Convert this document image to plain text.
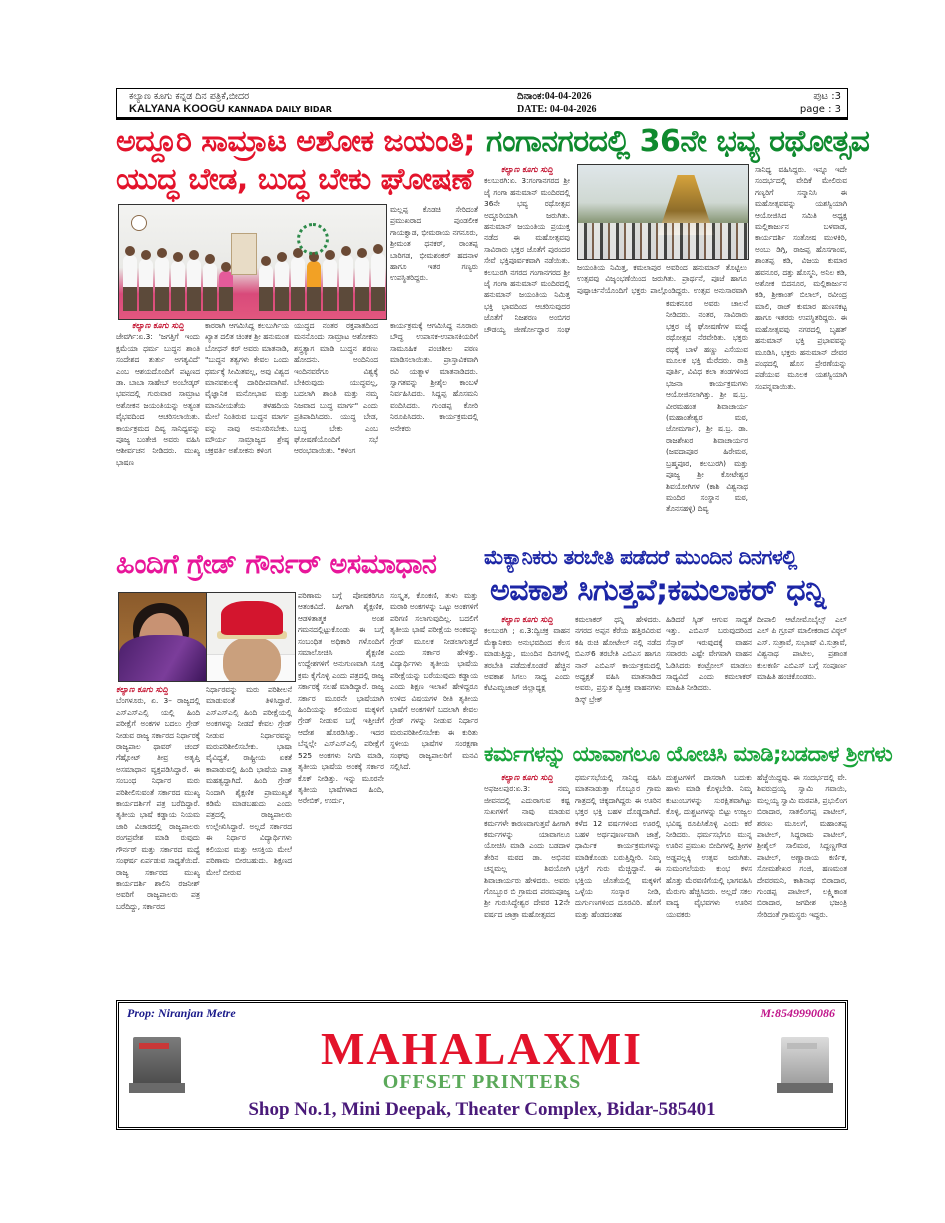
ಕಲ್ಯಾಣ ಕೂಗು ಕನ್ನಡ ದಿನ ಪತ್ರಿಕೆ,ಬೀದರ
KALYANA KOOGU KANNADA DAILY BIDAR
ದಿನಾಂಕ:04-04-2026
DATE: 04-04-2026
ಪುಟ :3
page : 3
ಅದ್ದೂರಿ ಸಾಮ್ರಾಟ ಅಶೋಕ ಜಯಂತಿ;
ಯುದ್ಧ ಬೇಡ, ಬುದ್ಧ ಬೇಕು ಘೋಷಣೆ
ಮಲ್ಲಪ್ಪ ಕೊಡಚಿ ಸೇರಿದಂತೆ ಪ್ರಮುಖರಾದ ಪುಂಡಲೀಕ ಗಾಯಕ್ವಾಡ, ಭೀಮರಾಯ ನಗನೂರು, ಶ್ರೀಮಂತ ಧನಕರ್, ರಾಂತಪ್ಪ ಬಾರಿಗಡ, ಭೀಮಶಂಕರ್ ಹದನಾಳ ಹಾಗೂ ಇತರ ಗಣ್ಯರು ಉಪಸ್ಥಿತರಿದ್ದರು.
ಕಲ್ಯಾಣ ಕೂಗು ಸುದ್ದಿ
ಜೇವರ್ಗಿ:ಏ.3: 'ಜಗತ್ತಿಗೆ ಇಂದು ಕ್ಷಮೆಯಾ ಧರ್ಮ ಬುದ್ಧನ ಶಾಂತಿ ಸಂದೇಶದ ತುರ್ತು ಅಗತ್ಯವಿದೆ' ಎಂಬ ಆಶಯದೊಂದಿಗೆ ಪಟ್ಟಣದ ಡಾ. ಬಾಬಾ ಸಾಹೇಬ್ ಅಂಬೇಡ್ಕರ್ ಭವನದಲ್ಲಿ ಗುರುವಾರ ಸಾಮ್ರಾಟ ಅಶೋಕನ ಜಯಂತಿಯನ್ನು ಅತ್ಯಂತ ವೈಭವದಿಂದ ಆಚರಿಸಲಾಯಿತು. ಕಾರ್ಯಕ್ರಮದ ದಿವ್ಯ ಸಾನಿಧ್ಯವನ್ನು ಪೂಜ್ಯ ಬಂತೇಜಿ ಅವರು ವಹಿಸಿ ಆಶೀರ್ವಚನ ನೀಡಿದರು. ಮುಖ್ಯ ಭಾಷಣ
ಕಾರರಾಗಿ ಆಗಮಿಸಿದ್ದ ಕಲಬುರ್ಗಿಯ ಖ್ಯಾತ ದಲಿತ ಚಿಂತಕ ಶ್ರೀ ಹನುಮಂತ ಬೋಧನ್ ಕರ್ ಅವರು ಮಾತನಾಡಿ, "ಬುದ್ಧನ ತತ್ವಗಳು ಕೇವಲ ಒಂದು ಧರ್ಮಕ್ಕೆ ಸೀಮಿತವಲ್ಲ, ಅವು ವಿಶ್ವದ ಮಾನವಕುಲಕ್ಕೆ ದಾರಿದೀಪವಾಗಿವೆ. ವೈಜ್ಞಾನಿಕ ಮನೋಭಾವ ಮತ್ತು ಮಾನವೀಯತೆಯ ತಳಹದಿಯ ಮೇಲೆ ನಿಂತಿರುವ ಬುದ್ಧನ ಮಾರ್ಗ ವನ್ನು ನಾವು ಅನುಸರಿಸಬೇಕು. ಮೌರ್ಯ ಸಾಮ್ರಾಜ್ಯದ ಶ್ರೇಷ್ಠ ಚಕ್ರವರ್ತಿ ಅಶೋಕನು ಕಳಿಂಗ
ಯುದ್ಧದ ನಂತರ ರಕ್ತಪಾತದಿಂದ ಮನನೊಂದು ಸಾಮ್ರಾಟ ಅಶೋಕನು ಶಸ್ತ್ರತ್ಯಾಗ ಮಾಡಿ ಬುದ್ಧನ ಶರಣು ಹೋದನು. ಅಂದಿನಿಂದ ಇಂದಿನವರೆಗೂ ವಿಶ್ವಕ್ಕೆ ಬೇಕಿರುವುದು ಯುದ್ಧವಲ್ಲ, ಬದಲಾಗಿ ಶಾಂತಿ ಮತ್ತು ನಮ್ಮ ನಿಜವಾದ ಬುದ್ಧ ಮಾರ್ಗ" ಎಂದು ಪ್ರತಿಪಾದಿಸಿದರು. ಯುದ್ಧ ಬೇಡ, ಬುದ್ಧ ಬೇಕು ಎಂಬ ಘೋಷಣೆಯೊಂದಿಗೆ ಸಭೆ ಆರಂಭವಾಯಿತು. "ಕಳಿಂಗ
ಕಾರ್ಯಕ್ರಮಕ್ಕೆ ಆಗಮಿಸಿದ್ದ ನೂರಾರು ಬೌದ್ಧ ಉಪಾಸಕ-ಉಪಾಸಕಿಯರಿಗೆ ಸಾಮೂಹಿಕ ಪಂಚಶೀಲ ಪಠಣ ಮಾಡಿಸಲಾಯಿತು. ಪ್ರಾಸ್ತಾವಿಕವಾಗಿ ರವಿ ಯತ್ನಾಳ ಮಾತನಾಡಿದರು. ಸ್ವಾಗತವನ್ನು ಶ್ರೀಶೈಲ ಕಾಂಬಳೆ ನಿರ್ವಹಿಸಿದರು. ಸಿದ್ದಪ್ಪ ಹೊಸಮನಿ ವಂದಿಸಿದರು. ಗುಂಡಪ್ಪ ಕೋರಿ ನಿರೂಪಿಸಿದರು. ಕಾರ್ಯಕ್ರಮದಲ್ಲಿ ಅನೇಕರು
ಗಂಗಾನಗರದಲ್ಲಿ 36ನೇ ಭವ್ಯ ರಥೋತ್ಸವ
ಕಲ್ಯಾಣ ಕೂಗು ಸುದ್ದಿ
ಕಲಬುರಗಿ:ಏ. 3:ಗಂಗಾನಗರದ ಶ್ರೀ ಜೈ ಗಂಗಾ ಹನುಮಾನ್ ಮಂದಿರದಲ್ಲಿ 36ನೇ ಭವ್ಯ ರಥೋತ್ಸವ ಅದ್ದೂರಿಯಾಗಿ ಜರುಗಿತು. ಹನುಮಾನ್ ಜಯಂತಿಯ ಪ್ರಯುಕ್ತ ನಡೆದ ಈ ಮಹೋತ್ಸವವು ಸಾವಿರಾರು ಭಕ್ತರ ಜೊತೆಗೆ ಪುರಂದರ ಸೇವೆ ಭಕ್ತಿಪೂರ್ವಕವಾಗಿ ನಡೆಯಿತು. ಕಲಬುರಗಿ ನಗರದ ಗಂಗಾನಗರದ ಶ್ರೀ ಜೈ ಗಂಗಾ ಹನುಮಾನ್ ಮಂದಿರದಲ್ಲಿ ಹನುಮಾನ್ ಜಯಂತಿಯ ನಿಮಿತ್ತ ಭಕ್ತಿ ಭಾವದಿಂದ ಆಚರಿಸುವುದರ ಜೊತೆಗೆ ನಿಜಶರಣ ಅಂಬಿಗರ ಚೌಡಯ್ಯ ಜೀರ್ಣೋದ್ಧಾರ ಸಂಘ
ಜಯಂತಿಯ ನಿಮಿತ್ತ, ಕಮಲಾಪುರ ಅವರಿಂದ ಹನುಮಾನ್ ತೊಟ್ಟಿಲು ಉತ್ಸವವು ವಿಜೃಂಭಣೆಯಿಂದ ಜರುಗಿತು. ಪ್ರಾರ್ಥನೆ, ಪೂಜೆ ಹಾಗೂ ಪುಷ್ಪಾರ್ಚನೆಯೊಂದಿಗೆ ಭಕ್ತರು ಪಾಲ್ಗೊಂಡಿದ್ದರು. ಉತ್ಸವ ಅನುಸಾರವಾಗಿ
ಕಮಕನೂರ ಅವರು ಚಾಲನೆ ನೀಡಿದರು. ನಂತರ, ಸಾವಿರಾರು ಭಕ್ತರ ಜೈ ಘೋಷಣೆಗಳ ಮಧ್ಯೆ ರಥೋತ್ಸವ ನೆರವೇರಿತು. ಭಕ್ತರು ರಥಕ್ಕೆ ಬಾಳೆ ಹಣ್ಣು ಎಸೆಯುವ ಮೂಲಕ ಭಕ್ತಿ ಮೆರೆದರು. ರಾತ್ರಿ ಪೂರ್ತಿ, ವಿವಿಧ ಕಲಾ ತಂಡಗಳಿಂದ ಭಜನಾ ಕಾರ್ಯಕ್ರಮಗಳು ಆಯೋಜಿಸಲಾಗಿತ್ತು. ಶ್ರೀ ಷ.ಬ್ರ. ವೀರಮಹಂತ ಶಿವಾಚಾರ್ಯ (ಮಹಾಂತೇಶ್ವರ ಮಠ, ಜೋಮರ್ಗಾ), ಶ್ರೀ ಷ.ಬ್ರ. ಡಾ. ರಾಜಶೇಖರ ಶಿವಾಚಾರ್ಯರ (ಜವದಾಪೂರ ಹಿರೇಮಠ, ಬ್ರಹ್ಮಪೂರ, ಕಲಬುರಗಿ) ಮತ್ತು ಪೂಜ್ಯ ಶ್ರೀ ಕೋಟೇಶ್ವರ ಶಿವಯೋಗಿಗಳ (ಕಾಶಿ ವಿಶ್ವನಾಥ ಮಂದಿರ ಸಂಸ್ಥಾನ ಮಠ, ತೊನಸಹಳ್ಳಿ) ದಿವ್ಯ
ಸಾನಿಧ್ಯ ವಹಿಸಿದ್ದರು. ಇನ್ನೂ ಇದೇ ಸಂದರ್ಭದಲ್ಲಿ ವೇದಿಕೆ ಮೇಲಿರುವ ಗಣ್ಯರಿಗೆ ಸನ್ಮಾನಿಸಿ ಈ ಮಹೋತ್ಸವವನ್ನು ಯಶಸ್ವಿಯಾಗಿ ಆಯೋಜಿಸಿದ ಸಮಿತಿ ಅಧ್ಯಕ್ಷ ಮಲ್ಲಿಕಾರ್ಜುನ ಬಳವಾಡ, ಕಾರ್ಯದರ್ಶಿ ಸಂತೋಷ ಮುಳಕಿರಿ, ಅಂಬು ಡಿಗ್ಗಿ, ರಾಜಪ್ಪ ಹೊಸಗಾಂವ, ಶಾಂತಪ್ಪ ಕಡಿ, ವಿಜಯ ಕುಮಾರ ಹವನೂರ, ದತ್ತು ಹೊಸ್ಮನಿ, ಅನಿಲ ಕಡಿ, ಅಶೋಕ ಬಿದನೂರ, ಮಲ್ಲಿಕಾರ್ಜುನ ಕಡಿ, ಶ್ರೀಕಾಂತ್ ಬಿಲಾಲ್, ರವೀಂದ್ರ ಮಾಲಿ, ರಾಜ್ ಕುಮಾರ ಹುಣಸಕಟ್ಟ ಹಾಗೂ ಇತರರು ಉಪಸ್ಥಿತರಿದ್ದರು. ಈ ಮಹೋತ್ಸವವು ನಗರದಲ್ಲಿ ಬೃಹತ್ ಹನುಮಾನ್ ಭಕ್ತಿ ಪ್ರಭಾವವನ್ನು ಮೂಡಿಸಿ, ಭಕ್ತರು ಹನುಮಾನ್ ದೇವರ ಪಂಥದಲ್ಲಿ ಹೊಸ ಪ್ರೇರಣೆಯನ್ನು ಪಡೆಯುವ ಮೂಲಕ ಯಶಸ್ವಿಯಾಗಿ ಸಂಪನ್ನವಾಯಿತು.
ಹಿಂದಿಗೆ ಗ್ರೇಡ್ ಗೌರ್ನರ್ ಅಸಮಾಧಾನ
ಕಲ್ಯಾಣ ಕೂಗು ಸುದ್ದಿ
ಬೆಂಗಳೂರು, ಏ. 3– ರಾಜ್ಯದಲ್ಲಿ ಎಸ್ಎಸ್ಎಲ್ಸಿ ಯಲ್ಲಿ ಹಿಂದಿ ಪರೀಕ್ಷೆಗೆ ಅಂಕಗಳ ಬದಲು ಗ್ರೇಡ್ ನೀಡುವ ರಾಜ್ಯ ಸರ್ಕಾರದ ನಿರ್ಧಾರಕ್ಕೆ ರಾಜ್ಯಪಾಲ ಥಾವರ್ ಚಂದ್ ಗೆಹ್ಲೋಟ್ ತೀವ್ರ ಅತೃಪ್ತಿ ಅಸಮಾಧಾನ ವ್ಯಕ್ತಪಡಿಸಿದ್ದಾರೆ. ಈ ಸಂಬಂಧ ನಿರ್ಧಾರ ಮರು ಪರಿಶೀಲಿಸುವಂತೆ ಸರ್ಕಾರದ ಮುಖ್ಯ ಕಾರ್ಯದರ್ಶಿಗೆ ಪತ್ರ ಬರೆದಿದ್ದಾರೆ. ತೃತೀಯ ಭಾಷೆ ಕಡ್ಡಾಯ ನಿಯಮ ಜಾರಿ ವಿಚಾರದಲ್ಲಿ ರಾಜ್ಯಪಾಲರು ರಂಗಪ್ರವೇಶ ಮಾಡಿ ರುವುದು ಗೌರ್ನರ್ ಮತ್ತು ಸರ್ಕಾರದ ಮಧ್ಯೆ ಸಂಘರ್ಷ ಏರ್ಪಡುವ ಸಾಧ್ಯತೆಯಿದೆ. ರಾಜ್ಯ ಸರ್ಕಾರದ ಮುಖ್ಯ ಕಾರ್ಯದರ್ಶಿ ಶಾಲಿನಿ ರಜನೀಶ್ ಅವರಿಗೆ ರಾಜ್ಯಪಾಲರು ಪತ್ರ ಬರೆದಿದ್ದು, ಸರ್ಕಾರದ
ನಿರ್ಧಾರವನ್ನು ಮರು ಪರಿಶೀಲನೆ ಮಾಡುವಂತೆ ತಿಳಿಸಿದ್ದಾರೆ. ಎಸ್ಎಸ್ಎಲ್ಸಿ ಹಿಂದಿ ಪರೀಕ್ಷೆಯಲ್ಲಿ ಅಂಕಗಳನ್ನು ನೀಡದೆ ಕೇವಲ ಗ್ರೇಡ್ ನೀಡುವ ನಿರ್ಧಾರವನ್ನು ಮರುಪರಿಶೀಲಿಸಬೇಕು. ಭಾಷಾ ವೈವಿಧ್ಯತೆ, ರಾಷ್ಟ್ರೀಯ ಏಕತೆ ಕಾಪಾಡುವಲ್ಲಿ ಹಿಂದಿ ಭಾಷೆಯ ಪಾತ್ರ ಮಹತ್ವದ್ದಾಗಿದೆ. ಹಿಂದಿ ಗ್ರೇಡ್ ನಿಂದಾಗಿ ಶೈಕ್ಷಣಿಕ ಪ್ರಾಮುಖ್ಯತೆ ಕಡಿಮೆ ಮಾಡಬಹುದು ಎಂದು ಪತ್ರದಲ್ಲಿ ರಾಜ್ಯಪಾಲರು ಉಲ್ಲೇಖಿಸಿದ್ದಾರೆ. ಅಲ್ಲದೆ ಸರ್ಕಾರದ ಈ ನಿರ್ಧಾರ ವಿದ್ಯಾರ್ಥಿಗಳು ಕಲಿಯುವ ಮತ್ತು ಆಸಕ್ತಿಯ ಮೇಲೆ ಪರಿಣಾಮ ಬೀರಬಹುದು. ಶಿಕ್ಷಣದ ಮೇಲೆ ಬೀರುವ
ಪರಿಣಾಮ ಬಗ್ಗೆ ಪೋಷಕರಿಗೂ ಆತಂಕವಿದೆ. ಹೀಗಾಗಿ ಶೈಕ್ಷಣಿಕ, ಆಡಳಿತಾತ್ಮಕ ಅಂಶ ಗಮನದಲ್ಲಿಟ್ಟುಕೊಂಡು ಈ ಬಗ್ಗೆ ಸಂಬಂಧಿತ ಅಧಿಕಾರಿ ಗಳೊಂದಿಗೆ ಸಮಾಲೋಚಿಸಿ ಶೈಕ್ಷಣಿಕ ಉದ್ದೇಶಗಳಿಗೆ ಅನುಗುಣವಾಗಿ ಸೂಕ್ತ ಕ್ರಮ ಕೈಗೊಳ್ಳಿ ಎಂದು ಪತ್ರದಲ್ಲಿ ರಾಜ್ಯ ಸರ್ಕಾರಕ್ಕೆ ಸಲಹೆ ಮಾಡಿದ್ದಾರೆ. ರಾಜ್ಯ ಸರ್ಕಾರ ಮೂರನೇ ಭಾಷೆಯಾಗಿ ಹಿಂದಿಯನ್ನು ಕಲಿಯುವ ಮಕ್ಕಳಿಗೆ ಗ್ರೇಡ್ ನೀಡುವ ಬಗ್ಗೆ ಇತ್ತೀಚೆಗೆ ಆದೇಶ ಹೊರಡಿಸಿತ್ತು. ಇದರ ಬೆನ್ನಲ್ಲೇ ಎಸ್ಎಸ್ಎಲ್ಸಿ ಪರೀಕ್ಷೆಗೆ 525 ಅಂಕಗಳು ನಿಗದಿ ಮಾಡಿ, ತೃತೀಯ ಭಾಷೆಯ ಅಂಕಕ್ಕೆ ಸರ್ಕಾರ ಕೊಕ್ ನೀಡಿತ್ತು. ಇನ್ನು ಮೂರನೇ ತೃತೀಯ ಭಾಷೆಗಳಾದ ಹಿಂದಿ, ಅರೇಬಿಕ್, ಉರ್ದು,
ಸಂಸ್ಕೃತ, ಕೊಂಕಣಿ, ತುಳು ಮತ್ತು ಮರಾಠಿ ಅಂಕಗಳನ್ನು ಒಟ್ಟು ಅಂಕಗಳಿಗೆ ಪರಿಗಣಿ ಸಲಾಗುವುದಿಲ್ಲ. ಬದಲಿಗೆ ತೃತೀಯ ಭಾಷೆ ಪರೀಕ್ಷೆಯ ಅಂಕವನ್ನು ಗ್ರೇಡ್ ಮೂಲಕ ನೀಡಲಾಗುತ್ತದೆ ಎಂದು ಸರ್ಕಾರ ಹೇಳಿತ್ತು. ವಿದ್ಯಾರ್ಥಿಗಳು ತೃತೀಯ ಭಾಷೆಯ ಪರೀಕ್ಷೆಯನ್ನು ಬರೆಯುವುದು ಕಡ್ಡಾಯ ಎಂದು ಶಿಕ್ಷಣ ಇಲಾಖೆ ಹೇಳಿದ್ದರೂ ಉಳಿದ ವಿಷಯಗಳ ರೀತಿ ತೃತೀಯ ಭಾಷೆಗೆ ಅಂಕಗಳಿಗೆ ಬದಲಾಗಿ ಕೇವಲ ಗ್ರೇಡ್ ಗಳನ್ನು ನೀಡುವ ನಿರ್ಧಾರ ಮರುಪರಿಶೀಲಿಸಬೇಕು ಈ ಕುರಿತು ಸ್ಥಳೀಯ ಭಾಷೆಗಳ ಸಂರಕ್ಷಣಾ ಸಂಘವು ರಾಜ್ಯಪಾಲರಿಗೆ ಮನವಿ ಸಲ್ಲಿಸಿದೆ.
ಮೆಕ್ಯಾನಿಕರು ತರಬೇತಿ ಪಡೆದರೆ ಮುಂದಿನ ದಿನಗಳಲ್ಲಿ
ಅವಕಾಶ ಸಿಗುತ್ತವೆ;ಕಮಲಾಕರ್ ಧನ್ನಿ
ಕಲ್ಯಾಣ ಕೂಗು ಸುದ್ದಿ
ಕಲಬುರಗಿ ; ಏ.3:ದ್ವಿಚಕ್ರ ವಾಹನ ಮೆಕ್ಯಾನಿಕರು ಅನುಭವದಿಂದ ಕೆಲಸ ಮಾಡುತ್ತಿದ್ದು, ಮುಂದಿನ ದಿನಗಳಲ್ಲಿ ತರಬೇತಿ ಪಡೆದುಕೊಂಡರೆ ಹೆಚ್ಚಿನ ಅವಕಾಶ ಸಿಗಲು ಸಾಧ್ಯ ಎಂದು ಕೆಟಿಎಮ್ಬಜಾಜ್ ಜಿಲ್ಲಾಧ್ಯಕ್ಷ
ಕಮಲಾಕರ್ ಧನ್ನಿ ಹೇಳಿದರು. ನಗರದ ಅಪ್ಪನ ಕೆರೆಯ ಹತ್ತಿರವಿರುವ ಕಷಿ ರುಚಿ ಹೋಟೇಲ್ ನಲ್ಲಿ ನಡೆದ ಬಿಎಸ್6 ತರಬೇತಿ ಎಬಿಎಸ ಹಾಗೂ ನಾನ್ ಎಬಿಎಸ್ ಕಾರ್ಯಕ್ರಮದಲ್ಲಿ ಅಧ್ಯಕ್ಷತೆ ವಹಿಸಿ ಮಾತನಾಡಿದ ಅವರು, ಪ್ರಸ್ತುತ ದ್ವಿಚಕ್ರ ವಾಹನಗಳು ಡಿಸ್ಕ್ ಬ್ರೇಕ್
ಹಿಡಿದರೆ ಸ್ಕಿಡ್ ಆಗುವ ಸಾಧ್ಯತೆ ಇತ್ತು. ಎಬಿಎಸ್ ಬರುವುದರಿಂದ ಸೆನ್ಸಾರ್ ಇರುವುದಕ್ಕೆ ವಾಹನ ಸವಾರರು ಎಷ್ಟೇ ವೇಗವಾಗಿ ವಾಹನ ಓಡಿಸಿದರು ಕಂಟ್ರೋಲ್ ಮಾಡಲು ಸಾಧ್ಯವಿದೆ ಎಂದು ಕಮಲಾಕರ್ ಮಾಹಿತಿ ನೀಡಿದರು.
ದೀಪಾಲಿ ಆಟೋಮೊಬೈಲ್ಸ್ ಎಲ್ ಎಲ್ ಪಿ ಗ್ರೂಪ್ ಮಾಲೀಕರಾದ ವಿಠ್ಠಲ್ ಎಸ್. ಸುತ್ರಾವೆ, ಸುಭಾಷ್ ವಿ.ಸುತ್ರಾವೆ, ವಿಶ್ವನಾಥ ಪಾಟೀಲ, ಪ್ರಶಾಂತ ಕುಲಕರ್ಣಿ ಎಬಿಎಸ್ ಬಗ್ಗೆ ಸಂಪೂರ್ಣ ಮಾಹಿತಿ ಹಂಚಿಕೊಂಡರು.
ಕರ್ಮಗಳನ್ನು ಯಾವಾಗಲೂ ಯೋಚಿಸಿ ಮಾಡಿ;ಬಡದಾಳ ಶ್ರೀಗಳು
ಕಲ್ಯಾಣ ಕೂಗು ಸುದ್ದಿ
ಅಫಜಲಪುರ:ಏ.3: ನಮ್ಮ ಜೀವನದಲ್ಲಿ ಎದುರಾಗುವ ಕಷ್ಟ ಸುಖಗಳಿಗೆ ನಾವು ಮಾಡುವ ಕರ್ಮಗಳೇ ಕಾರಣವಾಗುತ್ತವೆ ಹೀಗಾಗಿ ಕರ್ಮಗಳನ್ನು ಯಾವಾಗಲೂ ಯೋಚಿಸಿ ಮಾಡಿ ಎಂದು ಬಡದಾಳ ತೇರಿನ ಮಠದ ಡಾ. ಅಭಿನವ ಚನ್ನಮಲ್ಲ ಶಿವಯೋಗಿ ಶಿವಾಚಾರ್ಯರು ಹೇಳಿದರು. ಅವರು ಗೊಬ್ಬೂರ ಬಿ ಗ್ರಾಮದ ಪರಮಪೂಜ್ಯ ಶ್ರೀ ಗುರುಸಿದ್ಧೇಶ್ವರ ದೇವರ 12ನೇ ವರ್ಷದ ಜಾತ್ರಾ ಮಹೋತ್ಸವದ
ಧರ್ಮಸಭೆಯಲ್ಲಿ ಸಾನಿಧ್ಯ ವಹಿಸಿ ಮಾತನಾಡುತ್ತಾ ಗೊಬ್ಬೂರ ಗ್ರಾಮ ಗಾತ್ರದಲ್ಲಿ ಚಿಕ್ಕದಾಗಿದ್ದರು ಈ ಊರಿನ ಭಕ್ತರ ಭಕ್ತಿ ಬಹಳ ದೊಡ್ಡದಾಗಿದೆ. ಕಳೆದ 12 ವರ್ಷಗಳಿಂದ ಊರಲ್ಲಿ ಬಹಳ ಅರ್ಥಪೂರ್ಣವಾಗಿ ಜಾತ್ರೆ, ಧಾರ್ಮಿಕ ಕಾರ್ಯಕ್ರಮಗಳನ್ನು ಮಾಡಿಕೊಂಡು ಬರುತ್ತಿದ್ದೀರಿ. ನಿಮ್ಮ ಭಕ್ತಿಗೆ ಗುರು ಮೆಚ್ಚಿದ್ದಾನೆ. ಈ ಭಕ್ತಿಯ ಜೊತೆಯಲ್ಲಿ ಮಕ್ಕಳಿಗೆ ಒಳ್ಳೆಯ ಸಂಸ್ಕಾರ ನೀಡಿ, ದುರ್ಗುಣಗಳಿಂದ ದೂರವಿರಿ. ಹೊಗೆ ಮತ್ತು ಹೆಂಡದಂತಹ
ದುಶ್ಚಟಗಳಿಗೆ ದಾಸರಾಗಿ ಬದುಕು ಹಾಳು ಮಾಡಿ ಕೊಳ್ಳಬೇಡಿ. ನಿಮ್ಮ ಕುಟುಂಬಗಳನ್ನು ಸುರಕ್ಷಿತವಾಗಿಟ್ಟು ಕೊಳ್ಳಿ, ದುಶ್ಚಟಗಳನ್ನು ಬಿಟ್ಟು ಉಜ್ವಲ ಭವಿಷ್ಯ ರೂಪಿಸಿಕೊಳ್ಳಿ ಎಂದು ಕರೆ ನೀಡಿದರು. ಧರ್ಮಸಭೆಗೂ ಮುನ್ನ ಊರಿನ ಪ್ರಮುಖ ಬೀದಿಗಳಲ್ಲಿ ಶ್ರೀಗಳ ಅಡ್ಡಪಲ್ಲಕ್ಕಿ ಉತ್ಸವ ಜರುಗಿತು. ಸುಮಂಗಲೆಯರು ಕುಂಭ ಕಳಸ ಹೊತ್ತು ಮೆರವಣಿಗೆಯಲ್ಲಿ ಭಾಗವಹಿಸಿ ಮೆರುಗು ಹೆಚ್ಚಿಸಿದರು. ಅಲ್ಲದೆ ಸಕಲ ವಾದ್ಯ ವೈಭವಗಳು ಊರಿನ ಯುವಕರು
ಹೆಜ್ಜೆಯಿದ್ದವು. ಈ ಸಂದರ್ಭದಲ್ಲಿ ವೇ. ಶಿವರುದ್ರಯ್ಯ ಸ್ವಾಮಿ ಗವಾಯಿ, ಮಲ್ಲಯ್ಯ ಸ್ವಾಮಿ ಮಠಪತಿ, ಪ್ರಭುಲಿಂಗ ಬಿರಾದಾರ, ಸಾತಲಿಂಗಪ್ಪ ಪಾಟೀಲ್, ಶರಣು ಮೂಲಗೆ, ಮಹಾಂತಪ್ಪ ಪಾಟೀಲ್, ಸಿದ್ದರಾಮ ಪಾಟೀಲ್, ಶ್ರೀಶೈಲ್ ಸಾಲಿಮಠ, ಸಿದ್ದಣ್ಣಗೌಡ ಪಾಟೀಲ್, ಅಣ್ಣಾರಾಯ ಕರ್ಣಿಕ, ಸೋಮಶೇಖರ ಗಂಜಿ, ಹಣಮಂತ ದೇವರಮನಿ, ಕಾಶಿನಾಥ ಬಿರಾದಾರ, ಗುಂಡಪ್ಪ ಪಾಟೀಲ್, ಲಕ್ಷ್ಮಿಕಾಂತ ಬಿರಾದಾರ, ಜಗದೀಶ ಭಜಂತ್ರಿ ಸೇರಿದಂತೆ ಗ್ರಾಮಸ್ಥರು ಇದ್ದರು.
Prop: Niranjan Metre	M:8549990086
MAHALAXMI
OFFSET PRINTERS
Shop No.1, Mini Deepak, Theater Complex, Bidar-585401
